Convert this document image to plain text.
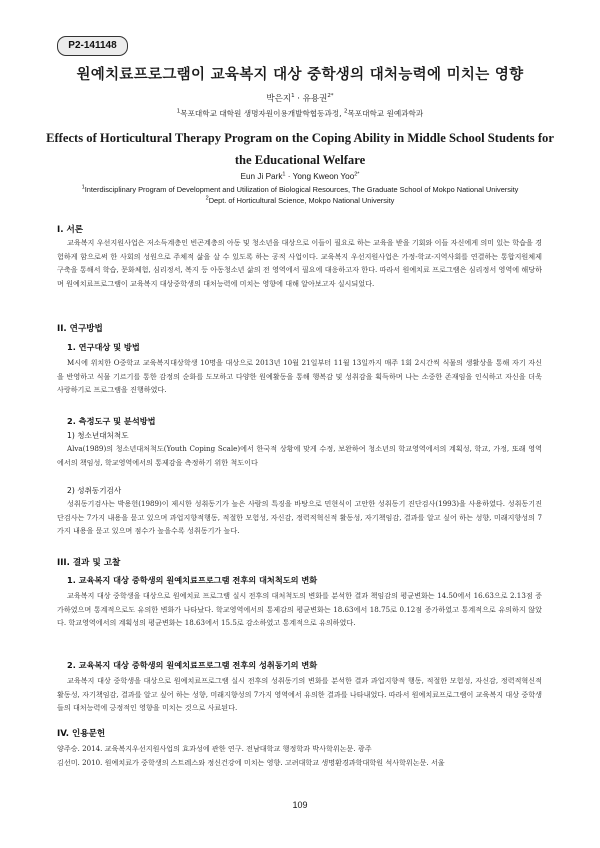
P2-141148
원예치료프로그램이 교육복지 대상 중학생의 대처능력에 미치는 영향
박은지$^1$ · 유용권$^{2*}$
$^1$목포대학교 대학원 생명자원이용개발학협동과정, $^2$목포대학교 원예과학과
Effects of Horticultural Therapy Program on the Coping Ability in Middle School Students for the Educational Welfare
Eun Ji Park$^1$ · Yong Kweon Yoo$^{2*}$
$^1$Interdisciplinary Program of Development and Utilization of Biological Resources, The Graduate School of Mokpo National University
$^2$Dept. of Horticultural Science, Mokpo National University
I. 서론

교육복지 우선지원사업은 저소득계층인 빈곤계층의 아동 및 청소년을 대상으로 이들이 필요로 하는 교육을 받을 기회와 이들 자신에게 의미 있는 학습을 경험하게 함으로써 한 사회의 성원으로 주체적 삶을 살 수 있도록 하는 공적 사업이다. 교육복지 우선지원사업은 가정-학교-지역사회를 연결하는 통합지원체제 구축을 통해서 학습, 문화체험, 심리정서, 복지 등 아동청소년 삶의 전 영역에서 필요에 대응하고자 한다. 따라서 원예치료 프로그램은 심리정서 영역에 해당하며 원예치료프로그램이 교육복지 대상중학생의 대처능력에 미치는 영향에 대해 알아보고자 실시되었다.

II. 연구방법
1. 연구대상 및 방법

M시에 위치한 O중학교 교육복지대상학생 10명을 대상으로 2013년 10월 21일부터 11월 13일까지 매주 1회 2시간씩 식물의 생활상을 통해 자기 자신을 반영하고 식물 기르기를 통한 감정의 순화를 도모하고 다양한 원예활동을 통해 행복감 및 성취감을 획득하며 나는 소중한 존재임을 인식하고 자신을 더욱 사랑하기로 프로그램을 진행하였다.

2. 측정도구 및 분석방법
1) 청소년대처척도

Alva(1989)의 청소년대처척도(Youth Coping Scale)에서 한국적 상황에 맞게 수정, 보완하여 청소년의 학교영역에서의 계획성, 학교, 가정, 또래 영역에서의 책임성, 학교영역에서의 통제감을 측정하기 위한 척도이다

2) 성취동기검사

성취동기검사는 박용헌(1989)이 제시한 성취동기가 높은 사람의 특징을 바탕으로 민현식이 고안한 성취동기 진단검사(1993)을 사용하였다. 성취동기진단검사는 7가지 내용을 묻고 있으며 과업지향적행동, 적절한 모험성, 자신감, 정력적혁신적 활동성, 자기책임감, 결과를 알고 싶어 하는 성향, 미래지향성의 7가지 내용을 묻고 있으며 점수가 높을수록 성취동기가 높다.

III. 결과 및 고찰
1. 교육복지 대상 중학생의 원예치료프로그램 전후의 대처척도의 변화

교육복지 대상 중학생을 대상으로 원예치료 프로그램 실시 전후의 대처척도의 변화를 분석한 결과 책임감의 평균변화는 14.50에서 16.63으로 2.13점 증가하였으며 통계적으로도 유의한 변화가 나타났다. 학교영역에서의 통제감의 평균변화는 18.63에서 18.75로 0.12점 증가하였고 통계적으로 유의하지 않았다. 학교영역에서의 계획성의 평균변화는 18.63에서 15.5로 감소하였고 통계적으로 유의하였다.

2. 교육복지 대상 중학생의 원예치료프로그램 전후의 성취동기의 변화

교육복지 대상 중학생을 대상으로 원예치료프로그램 실시 전후의 성취동기의 변화를 분석한 결과 과업지향적 행동, 적절한 모험성, 자신감, 정력적혁신적 활동성, 자기책임감, 결과를 알고 싶어 하는 성향, 미래지향성의 7가지 영역에서 유의한 결과를 나타내었다. 따라서 원예치료프로그램이 교육복지 대상 중학생들의 대처능력에 긍정적인 영향을 미치는 것으로 사료된다.

IV. 인용문헌
양주승. 2014. 교육복지우선지원사업의 효과성에 관한 연구. 전남대학교 행정학과 박사학위논문. 광주
김선미. 2010. 원예치료가 중학생의 스트레스와 정신건강에 미치는 영향. 고려대학교 생명환경과학대학원 석사학위논문. 서울
109
